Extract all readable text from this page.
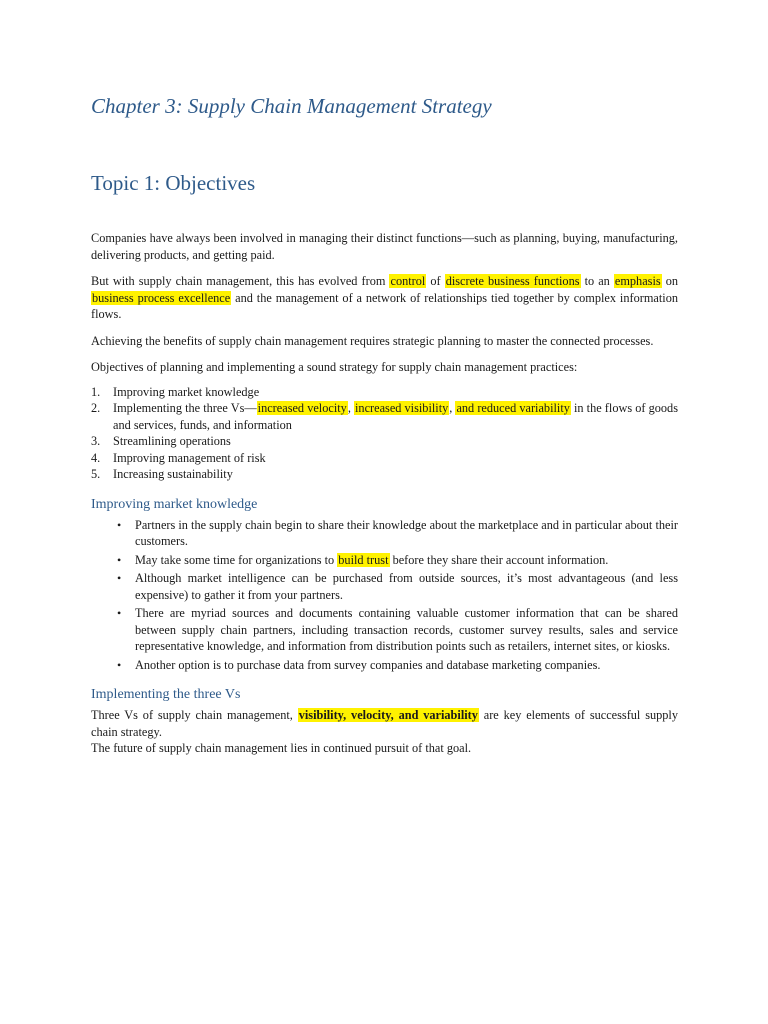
Chapter 3: Supply Chain Management Strategy
Topic 1: Objectives

Companies have always been involved in managing their distinct functions—such as planning, buying, manufacturing, delivering products, and getting paid.

But with supply chain management, this has evolved from control of discrete business functions to an emphasis on business process excellence and the management of a network of relationships tied together by complex information flows.

Achieving the benefits of supply chain management requires strategic planning to master the connected processes.

Objectives of planning and implementing a sound strategy for supply chain management practices:

1. Improving market knowledge
2. Implementing the three Vs—increased velocity, increased visibility, and reduced variability in the flows of goods and services, funds, and information
3. Streamlining operations
4. Improving management of risk
5. Increasing sustainability
Improving market knowledge
• Partners in the supply chain begin to share their knowledge about the marketplace and in particular about their customers.
• May take some time for organizations to build trust before they share their account information.
• Although market intelligence can be purchased from outside sources, it’s most advantageous (and less expensive) to gather it from your partners.
• There are myriad sources and documents containing valuable customer information that can be shared between supply chain partners, including transaction records, customer survey results, sales and service representative knowledge, and information from distribution points such as retailers, internet sites, or kiosks.
• Another option is to purchase data from survey companies and database marketing companies.
Implementing the three Vs

Three Vs of supply chain management, visibility, velocity, and variability are key elements of successful supply chain strategy.

The future of supply chain management lies in continued pursuit of that goal.
